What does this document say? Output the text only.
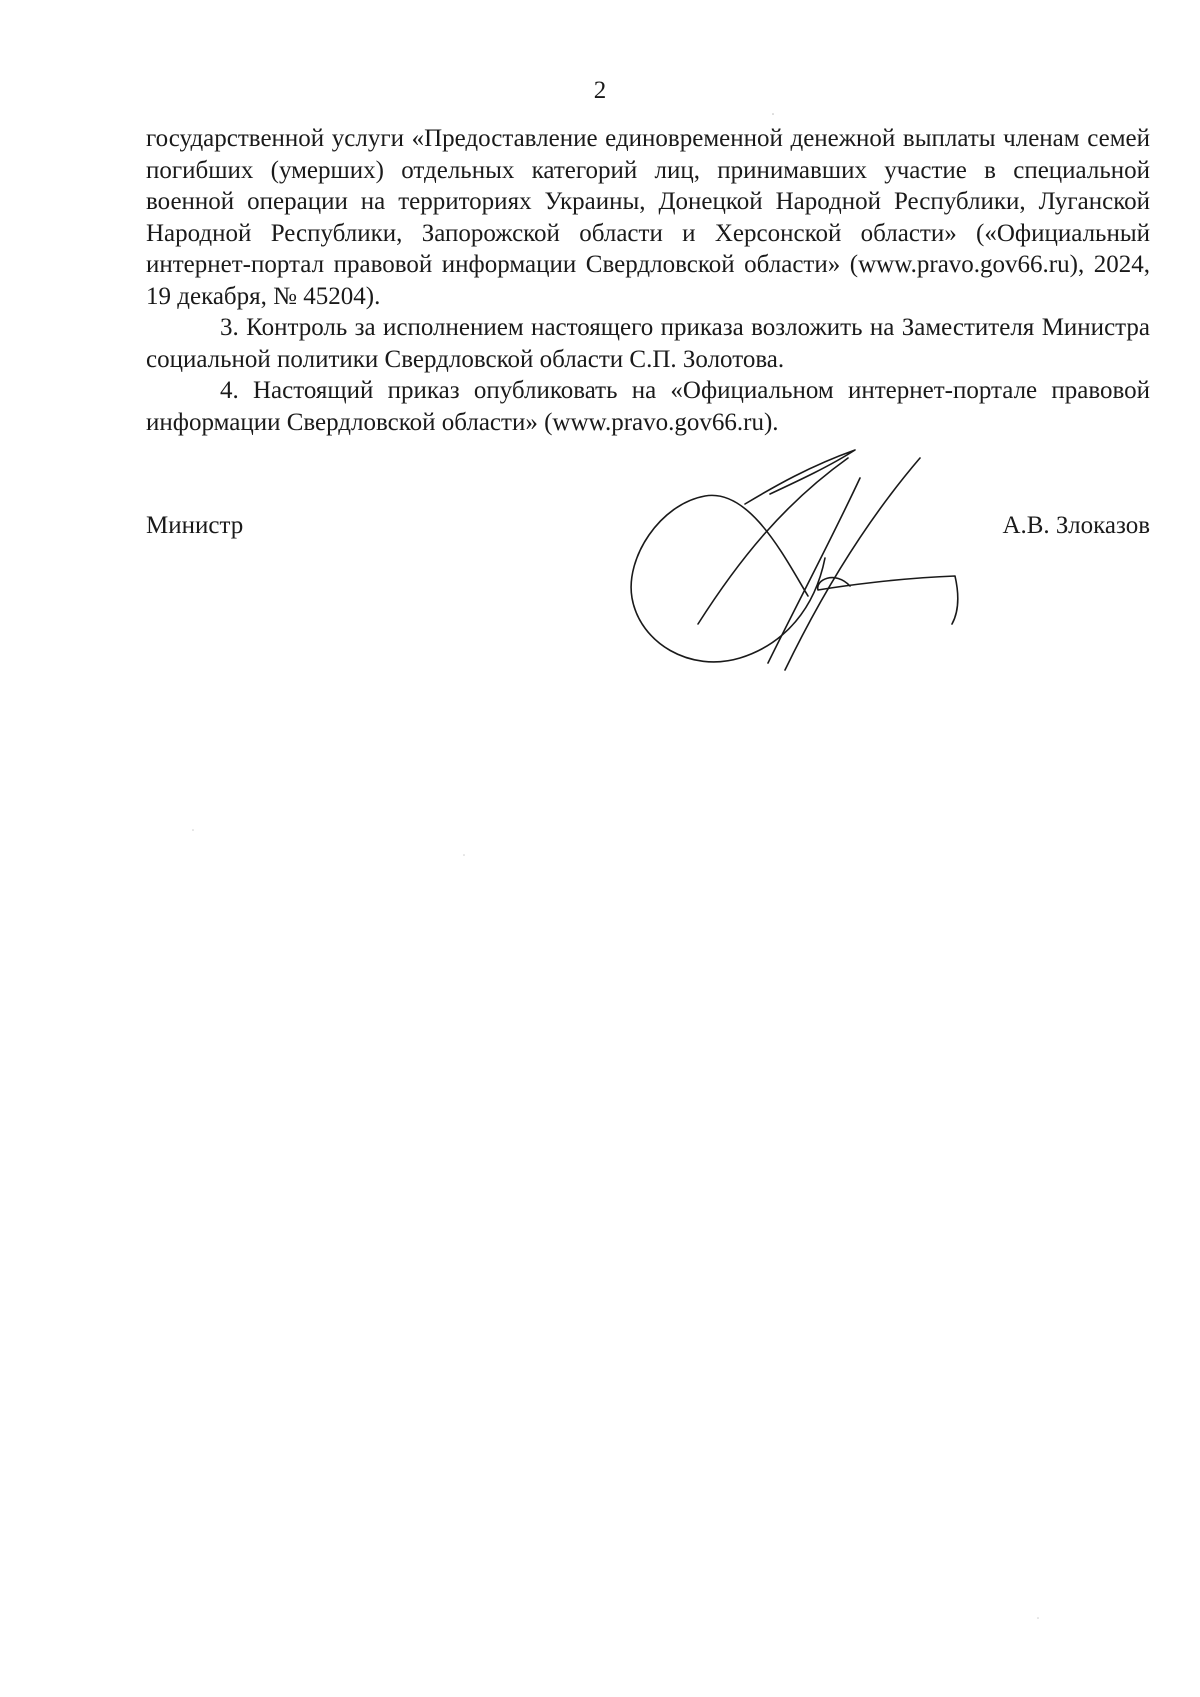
2

государственной услуги «Предоставление единовременной денежной выплаты членам семей погибших (умерших) отдельных категорий лиц, принимавших участие в специальной военной операции на территориях Украины, Донецкой Народной Республики, Луганской Народной Республики, Запорожской области и Херсонской области» («Официальный интернет-портал правовой информации Свердловской области» (www.pravo.gov66.ru), 2024, 19 декабря, № 45204).

3. Контроль за исполнением настоящего приказа возложить на Заместителя Министра социальной политики Свердловской области С.П. Золотова.

4. Настоящий приказ опубликовать на «Официальном интернет-портале правовой информации Свердловской области» (www.pravo.gov66.ru).

Министр	А.В. Злоказов
